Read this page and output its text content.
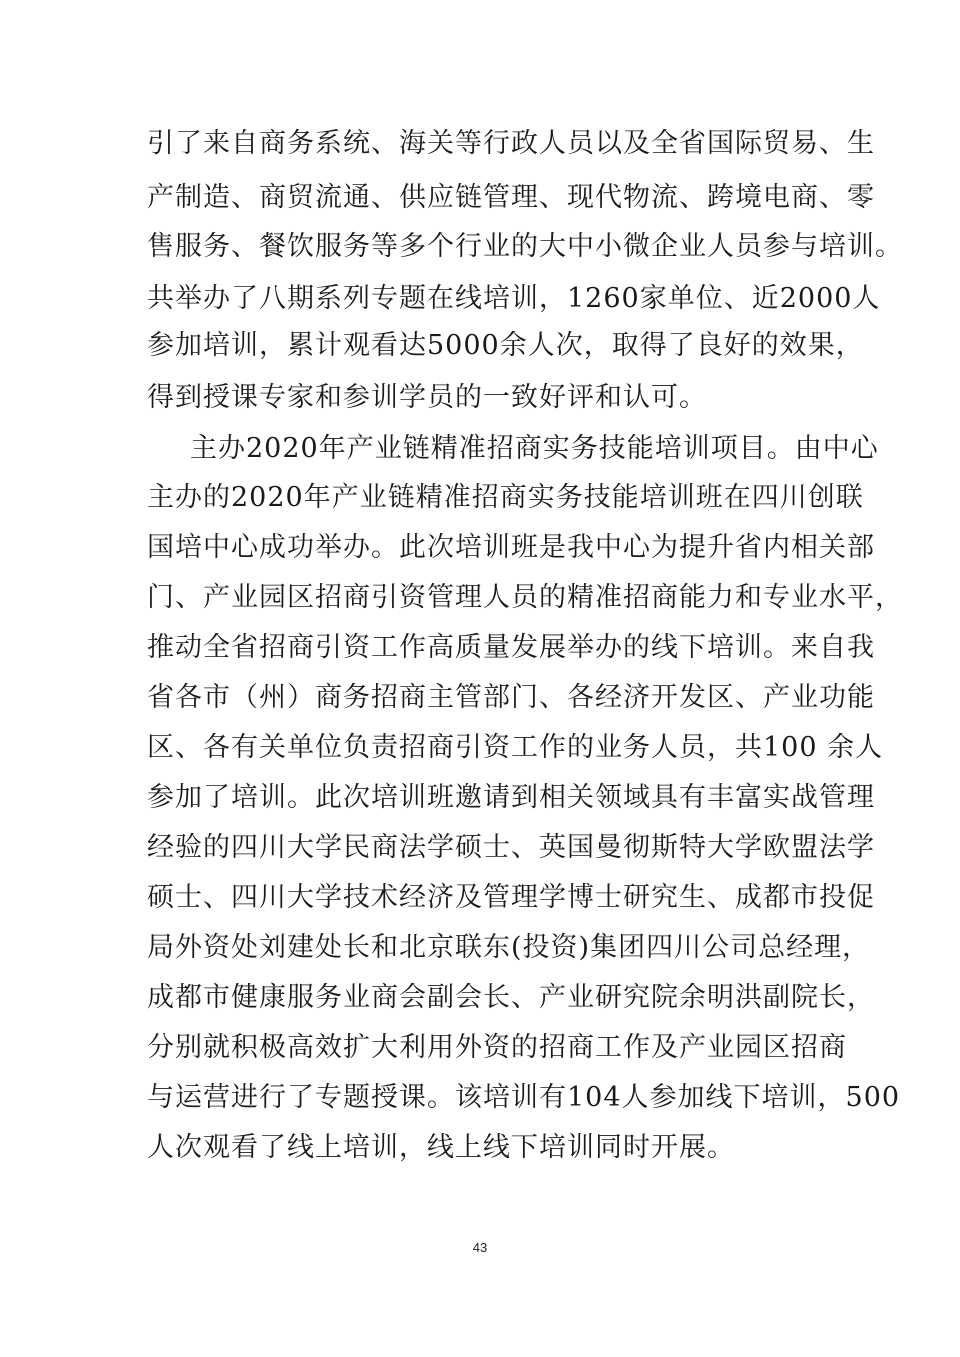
引了来自商务系统、海关等行政人员以及全省国际贸易、生
产制造、商贸流通、供应链管理、现代物流、跨境电商、零
售服务、餐饮服务等多个行业的大中小微企业人员参与培训。
共举办了八期系列专题在线培训，1260家单位、近2000人
参加培训，累计观看达5000余人次，取得了良好的效果，
得到授课专家和参训学员的一致好评和认可。
主办2020年产业链精准招商实务技能培训项目。由中心
主办的2020年产业链精准招商实务技能培训班在四川创联
国培中心成功举办。此次培训班是我中心为提升省内相关部
门、产业园区招商引资管理人员的精准招商能力和专业水平，
推动全省招商引资工作高质量发展举办的线下培训。来自我
省各市（州）商务招商主管部门、各经济开发区、产业功能
区、各有关单位负责招商引资工作的业务人员，共100 余人
参加了培训。此次培训班邀请到相关领域具有丰富实战管理
经验的四川大学民商法学硕士、英国曼彻斯特大学欧盟法学
硕士、四川大学技术经济及管理学博士研究生、成都市投促
局外资处刘建处长和北京联东(投资)集团四川公司总经理，
成都市健康服务业商会副会长、产业研究院余明洪副院长，
分别就积极高效扩大利用外资的招商工作及产业园区招商
与运营进行了专题授课。该培训有104人参加线下培训，500
人次观看了线上培训，线上线下培训同时开展。
43
